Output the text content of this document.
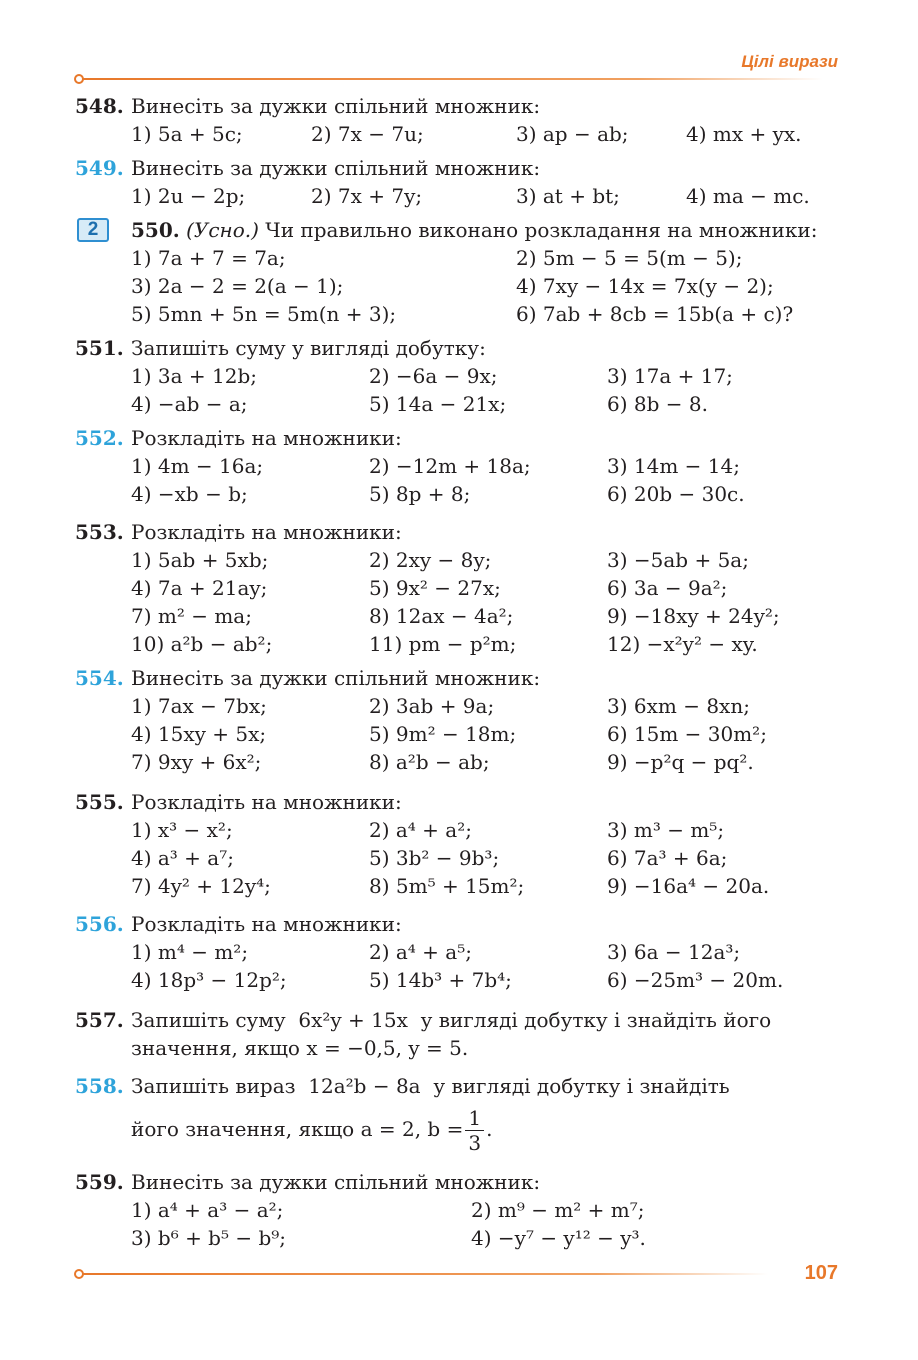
Цілі вирази
2
548. Винесіть за дужки спільний множник:
1) 5a + 5c;	2) 7x − 7u;	3) ap − ab;	4) mx + yx.
549. Винесіть за дужки спільний множник:
1) 2u − 2p;	2) 7x + 7y;	3) at + bt;	4) ma − mc.
550. (Усно.) Чи правильно виконано розкладання на множники:
1) 7a + 7 = 7a;	2) 5m − 5 = 5(m − 5);
3) 2a − 2 = 2(a − 1);	4) 7xy − 14x = 7x(y − 2);
5) 5mn + 5n = 5m(n + 3);	6) 7ab + 8cb = 15b(a + c)?
551. Запишіть суму у вигляді добутку:
1) 3a + 12b;	2) −6a − 9x;	3) 17a + 17;
4) −ab − a;	5) 14a − 21x;	6) 8b − 8.
552. Розкладіть на множники:
1) 4m − 16a;	2) −12m + 18a;	3) 14m − 14;
4) −xb − b;	5) 8p + 8;	6) 20b − 30c.
553. Розкладіть на множники:
1) 5ab + 5xb;	2) 2xy − 8y;	3) −5ab + 5a;
4) 7a + 21ay;	5) 9x² − 27x;	6) 3a − 9a²;
7) m² − ma;	8) 12ax − 4a²;	9) −18xy + 24y²;
10) a²b − ab²;	11) pm − p²m;	12) −x²y² − xy.
554. Винесіть за дужки спільний множник:
1) 7ax − 7bx;	2) 3ab + 9a;	3) 6xm − 8xn;
4) 15xy + 5x;	5) 9m² − 18m;	6) 15m − 30m²;
7) 9xy + 6x²;	8) a²b − ab;	9) −p²q − pq².
555. Розкладіть на множники:
1) x³ − x²;	2) a⁴ + a²;	3) m³ − m⁵;
4) a³ + a⁷;	5) 3b² − 9b³;	6) 7a³ + 6a;
7) 4y² + 12y⁴;	8) 5m⁵ + 15m²;	9) −16a⁴ − 20a.
556. Розкладіть на множники:
1) m⁴ − m²;	2) a⁴ + a⁵;	3) 6a − 12a³;
4) 18p³ − 12p²;	5) 14b³ + 7b⁴;	6) −25m³ − 20m.
557. Запишіть суму  6x²y + 15x  у вигляді добутку і знайдіть його
значення, якщо x = −0,5, y = 5.
558. Запишіть вираз  12a²b − 8a  у вигляді добутку і знайдіть
його значення, якщо a = 2, $b = \frac{1}{3}$ .
559. Винесіть за дужки спільний множник:
1) a⁴ + a³ − a²;	2) m⁹ − m² + m⁷;
3) b⁶ + b⁵ − b⁹;	4) −y⁷ − y¹² − y³.
107
